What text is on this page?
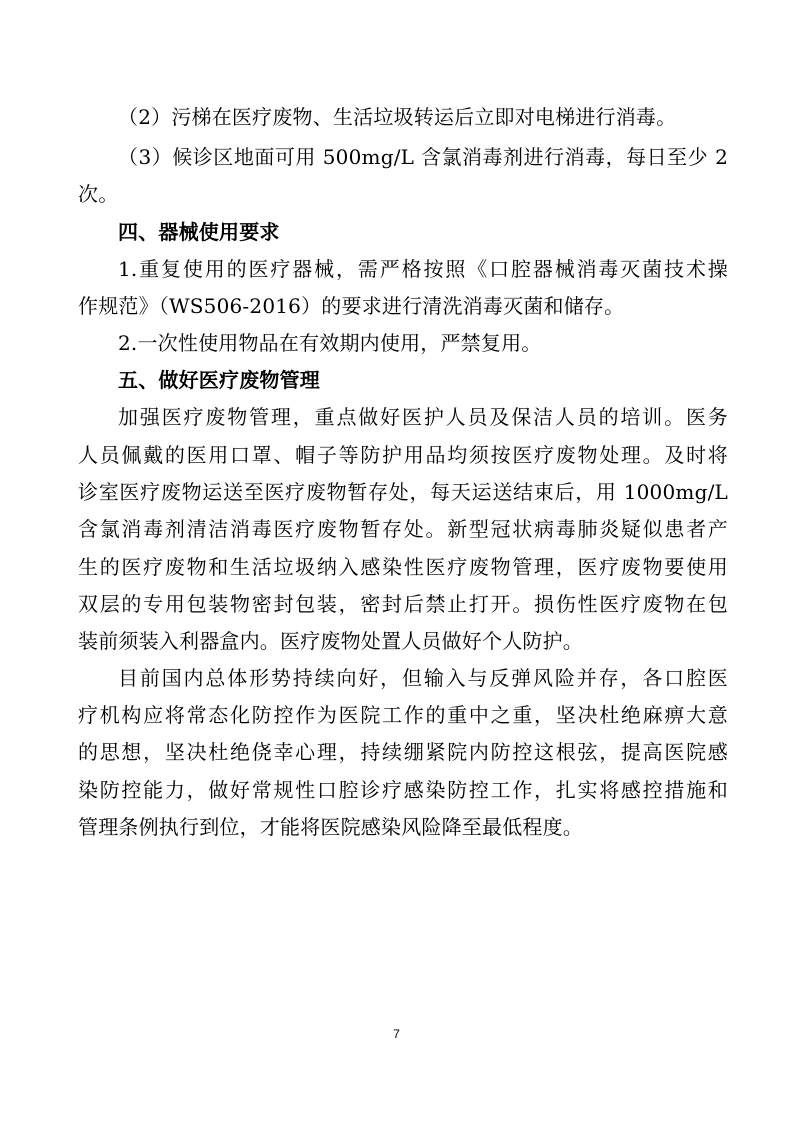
（2）污梯在医疗废物、生活垃圾转运后立即对电梯进行消毒。
（3）候诊区地面可用 500mg/L 含氯消毒剂进行消毒，每日至少 2
次。
四、器械使用要求
1.重复使用的医疗器械，需严格按照《口腔器械消毒灭菌技术操
作规范》（WS506-2016）的要求进行清洗消毒灭菌和储存。
2.一次性使用物品在有效期内使用，严禁复用。
五、做好医疗废物管理
加强医疗废物管理，重点做好医护人员及保洁人员的培训。医务
人员佩戴的医用口罩、帽子等防护用品均须按医疗废物处理。及时将
诊室医疗废物运送至医疗废物暂存处，每天运送结束后，用 1000mg/L
含氯消毒剂清洁消毒医疗废物暂存处。新型冠状病毒肺炎疑似患者产
生的医疗废物和生活垃圾纳入感染性医疗废物管理，医疗废物要使用
双层的专用包装物密封包装，密封后禁止打开。损伤性医疗废物在包
装前须装入利器盒内。医疗废物处置人员做好个人防护。
目前国内总体形势持续向好，但输入与反弹风险并存，各口腔医
疗机构应将常态化防控作为医院工作的重中之重，坚决杜绝麻痹大意
的思想，坚决杜绝侥幸心理，持续绷紧院内防控这根弦，提高医院感
染防控能力，做好常规性口腔诊疗感染防控工作，扎实将感控措施和
管理条例执行到位，才能将医院感染风险降至最低程度。
7
